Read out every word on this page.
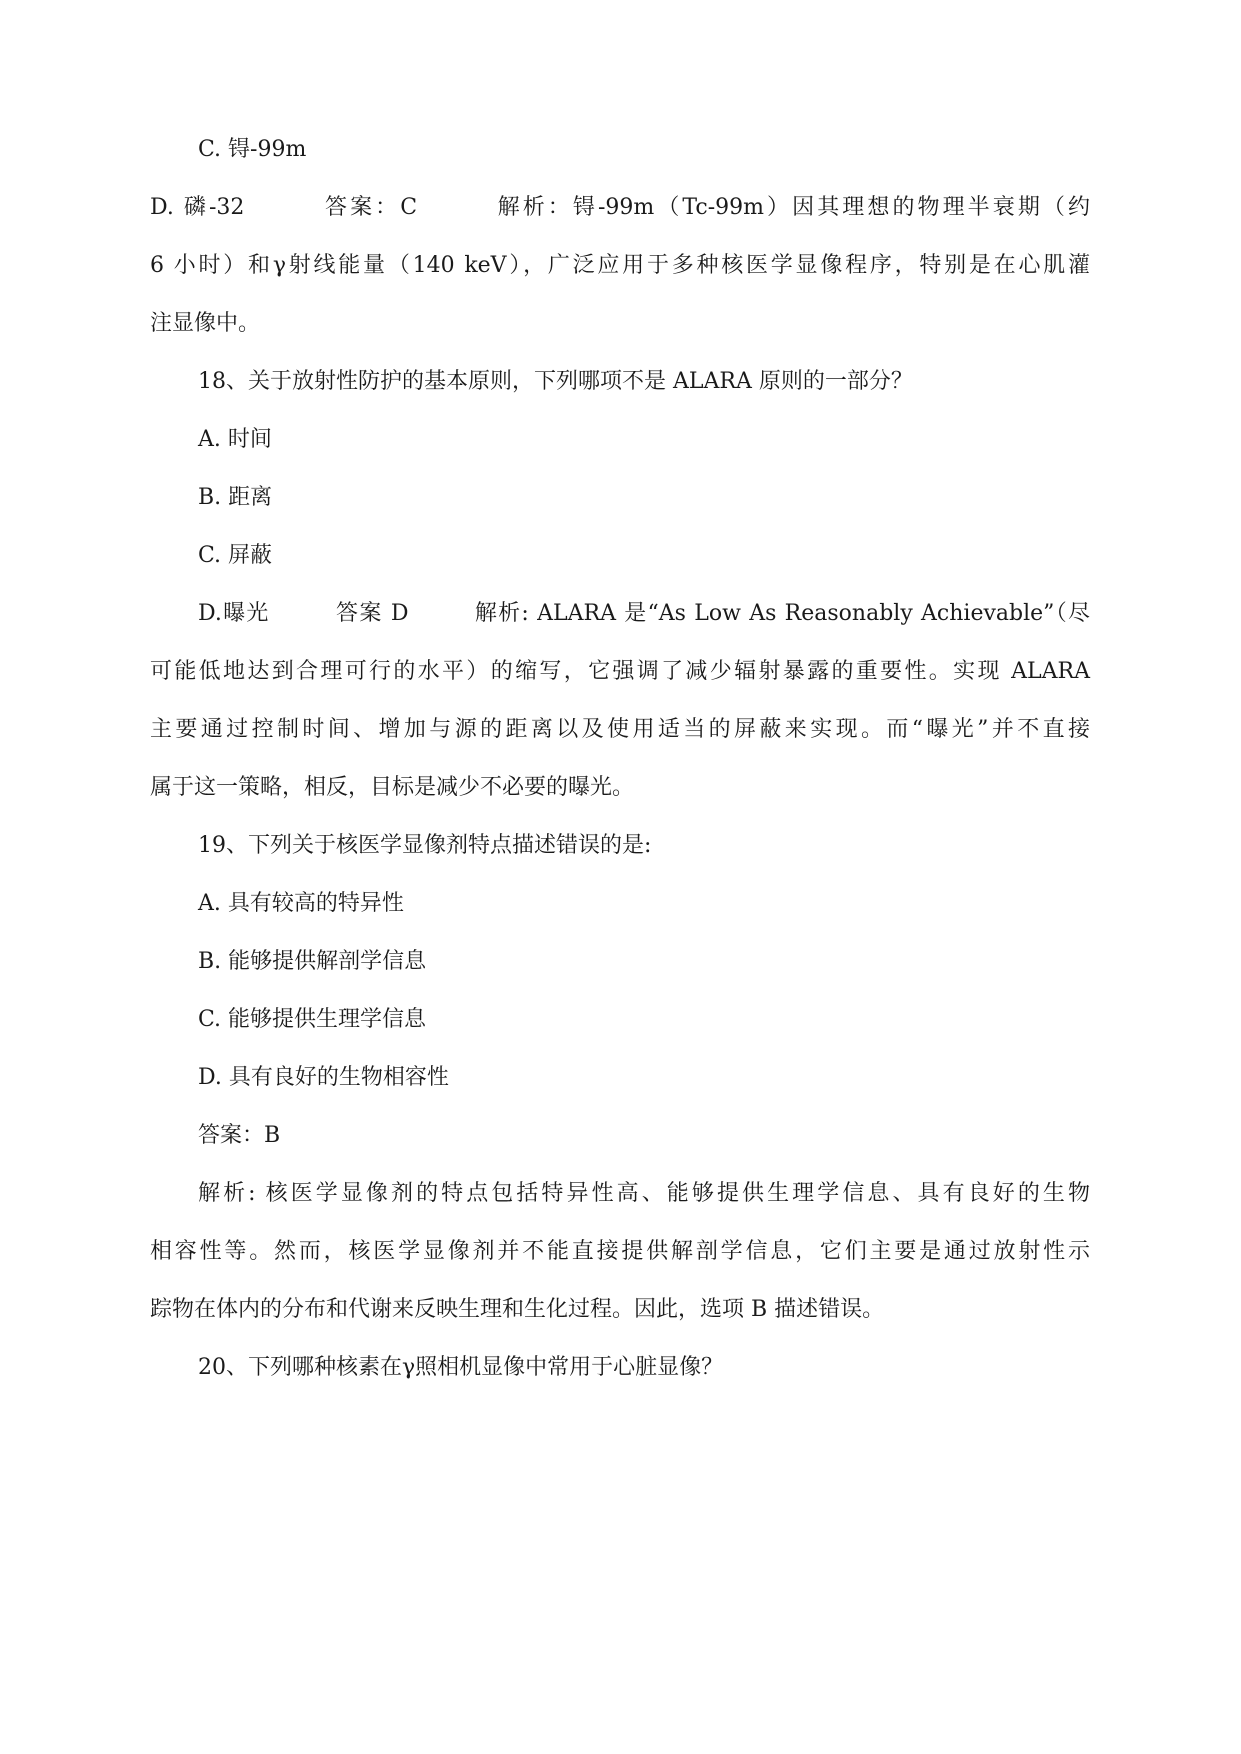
C. 锝-99m
D. 磷-32        答案：C        解析：锝-99m（Tc-99m）因其理想的物理半衰期（约
6 小时）和γ射线能量（140 keV），广泛应用于多种核医学显像程序，特别是在心肌灌
注显像中。
18、关于放射性防护的基本原则，下列哪项不是 ALARA 原则的一部分？
A. 时间
B. 距离
C. 屏蔽
D.曝光        答案 D        解析: ALARA 是“As Low As Reasonably Achievable”（尽
可能低地达到合理可行的水平）的缩写，它强调了减少辐射暴露的重要性。实现 ALARA
主要通过控制时间、增加与源的距离以及使用适当的屏蔽来实现。而“曝光”并不直接
属于这一策略，相反，目标是减少不必要的曝光。
19、下列关于核医学显像剂特点描述错误的是:
A. 具有较高的特异性
B. 能够提供解剖学信息
C. 能够提供生理学信息
D. 具有良好的生物相容性
答案：B
解析: 核医学显像剂的特点包括特异性高、能够提供生理学信息、具有良好的生物
相容性等。然而，核医学显像剂并不能直接提供解剖学信息，它们主要是通过放射性示
踪物在体内的分布和代谢来反映生理和生化过程。因此，选项 B 描述错误。
20、下列哪种核素在γ照相机显像中常用于心脏显像？
